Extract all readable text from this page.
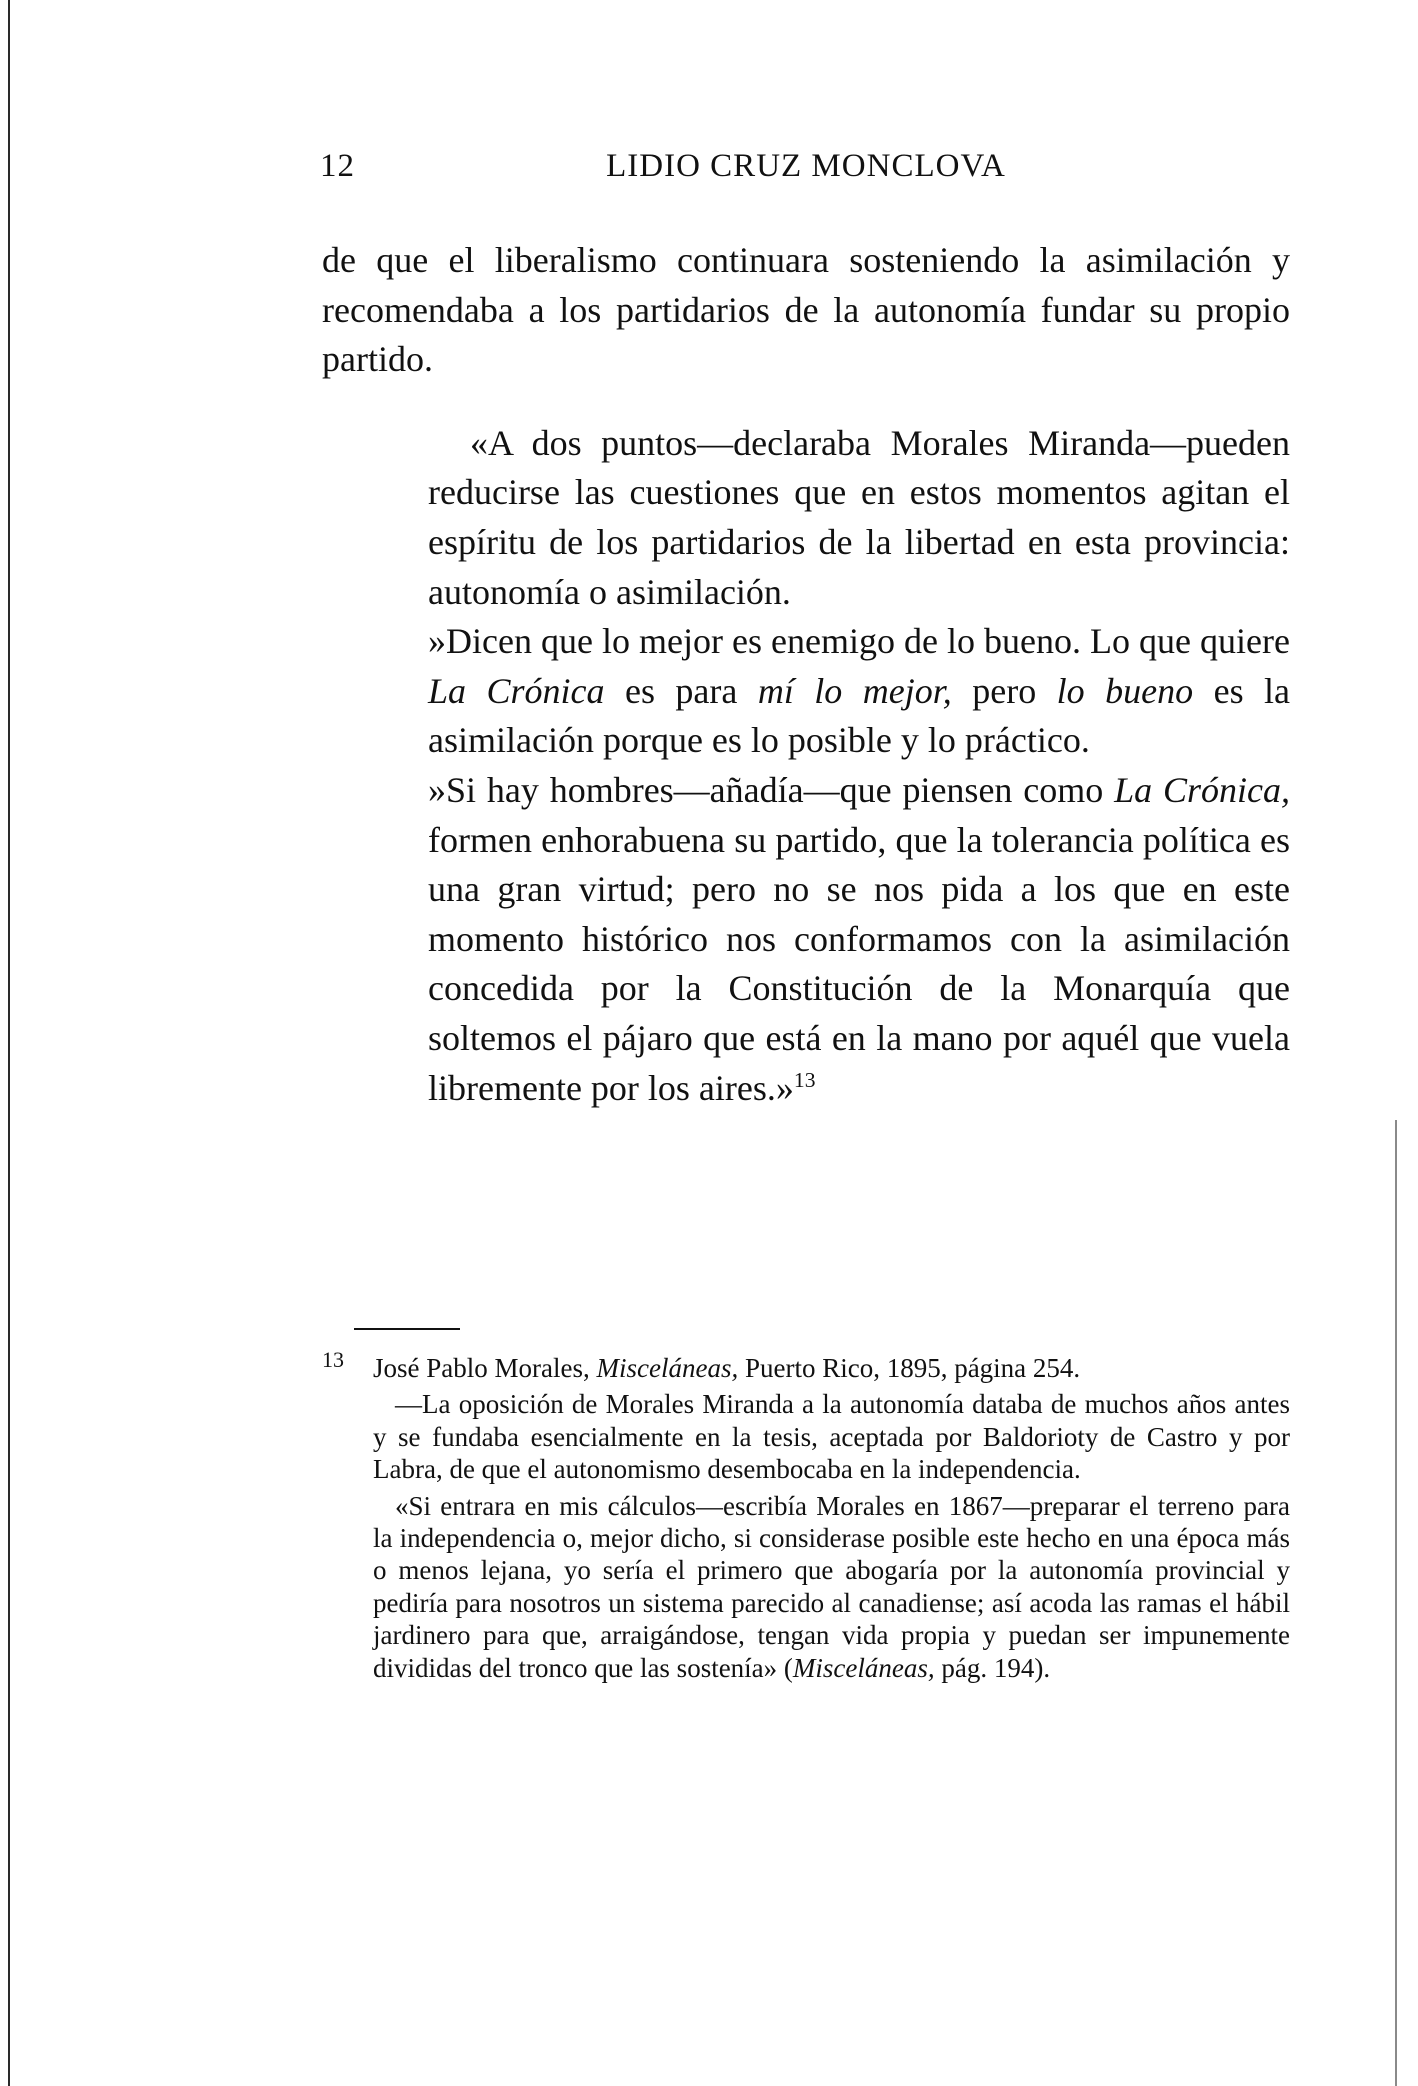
12	LIDIO CRUZ MONCLOVA

de que el liberalismo continuara sosteniendo la asimilación y recomendaba a los partidarios de la autonomía fundar su propio partido.

«A dos puntos—declaraba Morales Miranda—pueden reducirse las cuestiones que en estos momentos agitan el espíritu de los partidarios de la libertad en esta provincia: autonomía o asimilación.

»Dicen que lo mejor es enemigo de lo bueno. Lo que quiere La Crónica es para mí lo mejor, pero lo bueno es la asimilación porque es lo posible y lo práctico.

»Si hay hombres—añadía—que piensen como La Crónica, formen enhorabuena su partido, que la tolerancia política es una gran virtud; pero no se nos pida a los que en este momento histórico nos conformamos con la asimilación concedida por la Constitución de la Monarquía que soltemos el pájaro que está en la mano por aquél que vuela libremente por los aires.»$^{13}$

13 José Pablo Morales, Misceláneas, Puerto Rico, 1895, página 254.

—La oposición de Morales Miranda a la autonomía databa de muchos años antes y se fundaba esencialmente en la tesis, aceptada por Baldorioty de Castro y por Labra, de que el autonomismo desembocaba en la independencia.

«Si entrara en mis cálculos—escribía Morales en 1867—preparar el terreno para la independencia o, mejor dicho, si considerase posible este hecho en una época más o menos lejana, yo sería el primero que abogaría por la autonomía provincial y pediría para nosotros un sistema parecido al canadiense; así acoda las ramas el hábil jardinero para que, arraigándose, tengan vida propia y puedan ser impunemente divididas del tronco que las sostenía» (Misceláneas, pág. 194).
